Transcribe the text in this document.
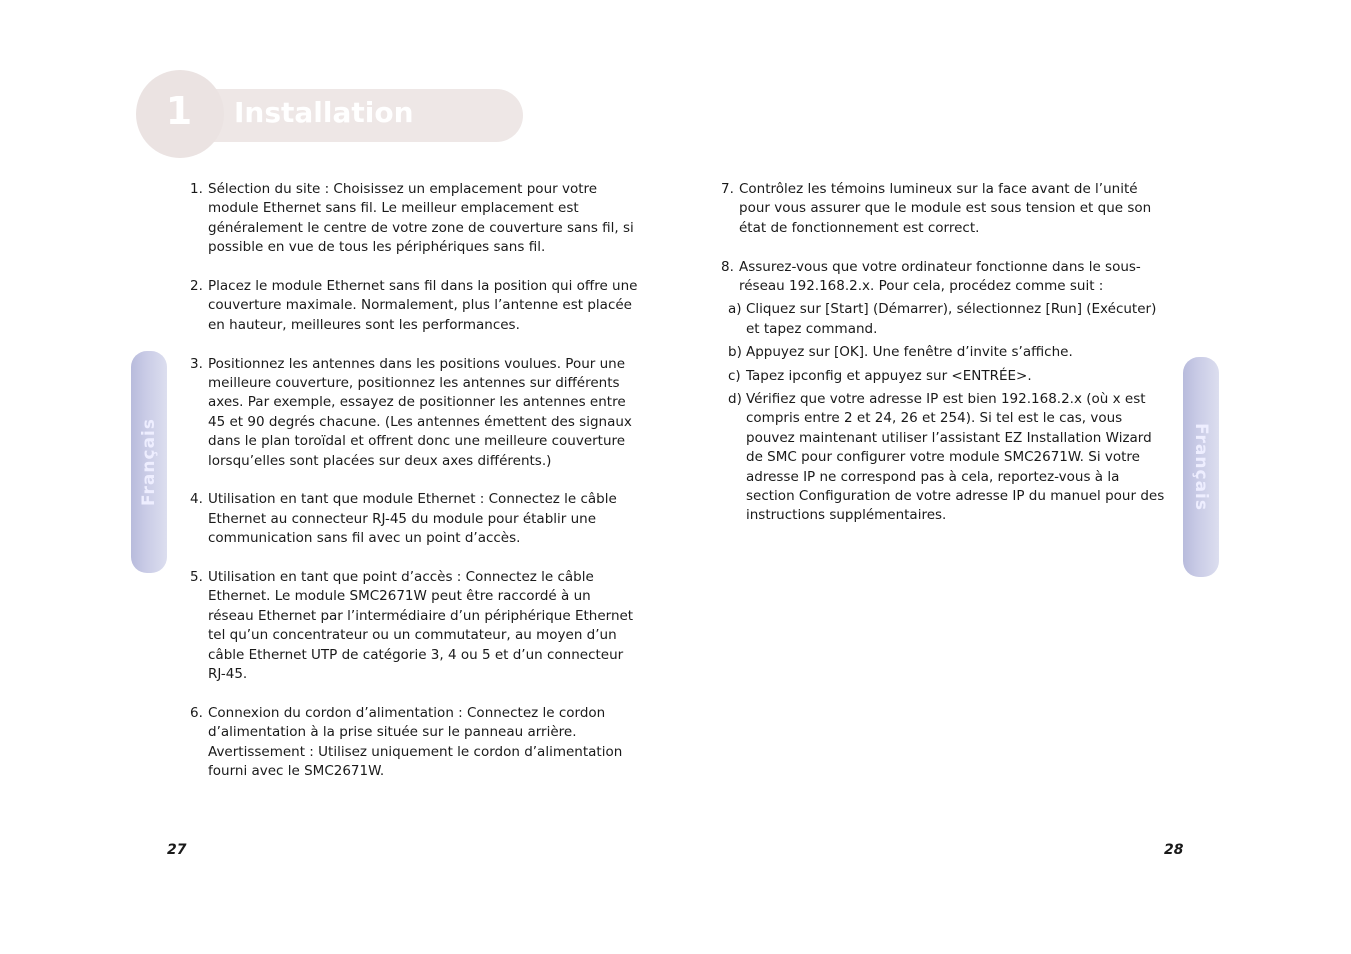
1 Installation
Français	Français
1. Sélection du site : Choisissez un emplacement pour votre module Ethernet sans fil. Le meilleur emplacement est généralement le centre de votre zone de couverture sans fil, si possible en vue de tous les périphériques sans fil.
2. Placez le module Ethernet sans fil dans la position qui offre une couverture maximale. Normalement, plus l’antenne est placée en hauteur, meilleures sont les performances.
3. Positionnez les antennes dans les positions voulues. Pour une meilleure couverture, positionnez les antennes sur différents axes. Par exemple, essayez de positionner les antennes entre 45 et 90 degrés chacune. (Les antennes émettent des signaux dans le plan toroïdal et offrent donc une meilleure couverture lorsqu’elles sont placées sur deux axes différents.)
4. Utilisation en tant que module Ethernet : Connectez le câble Ethernet au connecteur RJ-45 du module pour établir une communication sans fil avec un point d’accès.
5. Utilisation en tant que point d’accès : Connectez le câble Ethernet. Le module SMC2671W peut être raccordé à un réseau Ethernet par l’intermédiaire d’un périphérique Ethernet tel qu’un concentrateur ou un commutateur, au moyen d’un câble Ethernet UTP de catégorie 3, 4 ou 5 et d’un connecteur RJ-45.
6. Connexion du cordon d’alimentation : Connectez le cordon d’alimentation à la prise située sur le panneau arrière. Avertissement : Utilisez uniquement le cordon d’alimentation fourni avec le SMC2671W.
7. Contrôlez les témoins lumineux sur la face avant de l’unité pour vous assurer que le module est sous tension et que son état de fonctionnement est correct.
8. Assurez-vous que votre ordinateur fonctionne dans le sous-réseau 192.168.2.x. Pour cela, procédez comme suit :
a) Cliquez sur [Start] (Démarrer), sélectionnez [Run] (Exécuter) et tapez command.
b) Appuyez sur [OK]. Une fenêtre d’invite s’affiche.
c) Tapez ipconfig et appuyez sur <ENTRÉE>.
d) Vérifiez que votre adresse IP est bien 192.168.2.x (où x est compris entre 2 et 24, 26 et 254). Si tel est le cas, vous pouvez maintenant utiliser l’assistant EZ Installation Wizard de SMC pour configurer votre module SMC2671W. Si votre adresse IP ne correspond pas à cela, reportez-vous à la section Configuration de votre adresse IP du manuel pour des instructions supplémentaires.
27	28
